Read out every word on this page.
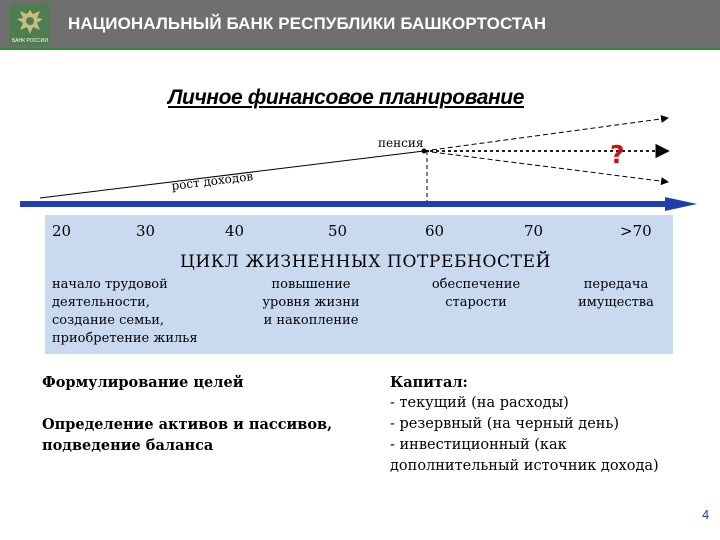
БАНК РОССИИ
НАЦИОНАЛЬНЫЙ БАНК РЕСПУБЛИКИ БАШКОРТОСТАН
Личное финансовое планирование
рост доходов
пенсия	?
20	30	40	50	60	70	>70
ЦИКЛ ЖИЗНЕННЫХ ПОТРЕБНОСТЕЙ
начало трудовой
деятельности,
создание семьи,
приобретение жилья
повышение
уровня жизни
и накопление
обеспечение
старости
передача
имущества
Формулирование целей
Определение активов и пассивов,
подведение баланса
Капитал:
- текущий (на расходы)
- резервный (на черный день)
- инвестиционный (как
дополнительный источник дохода)
4
